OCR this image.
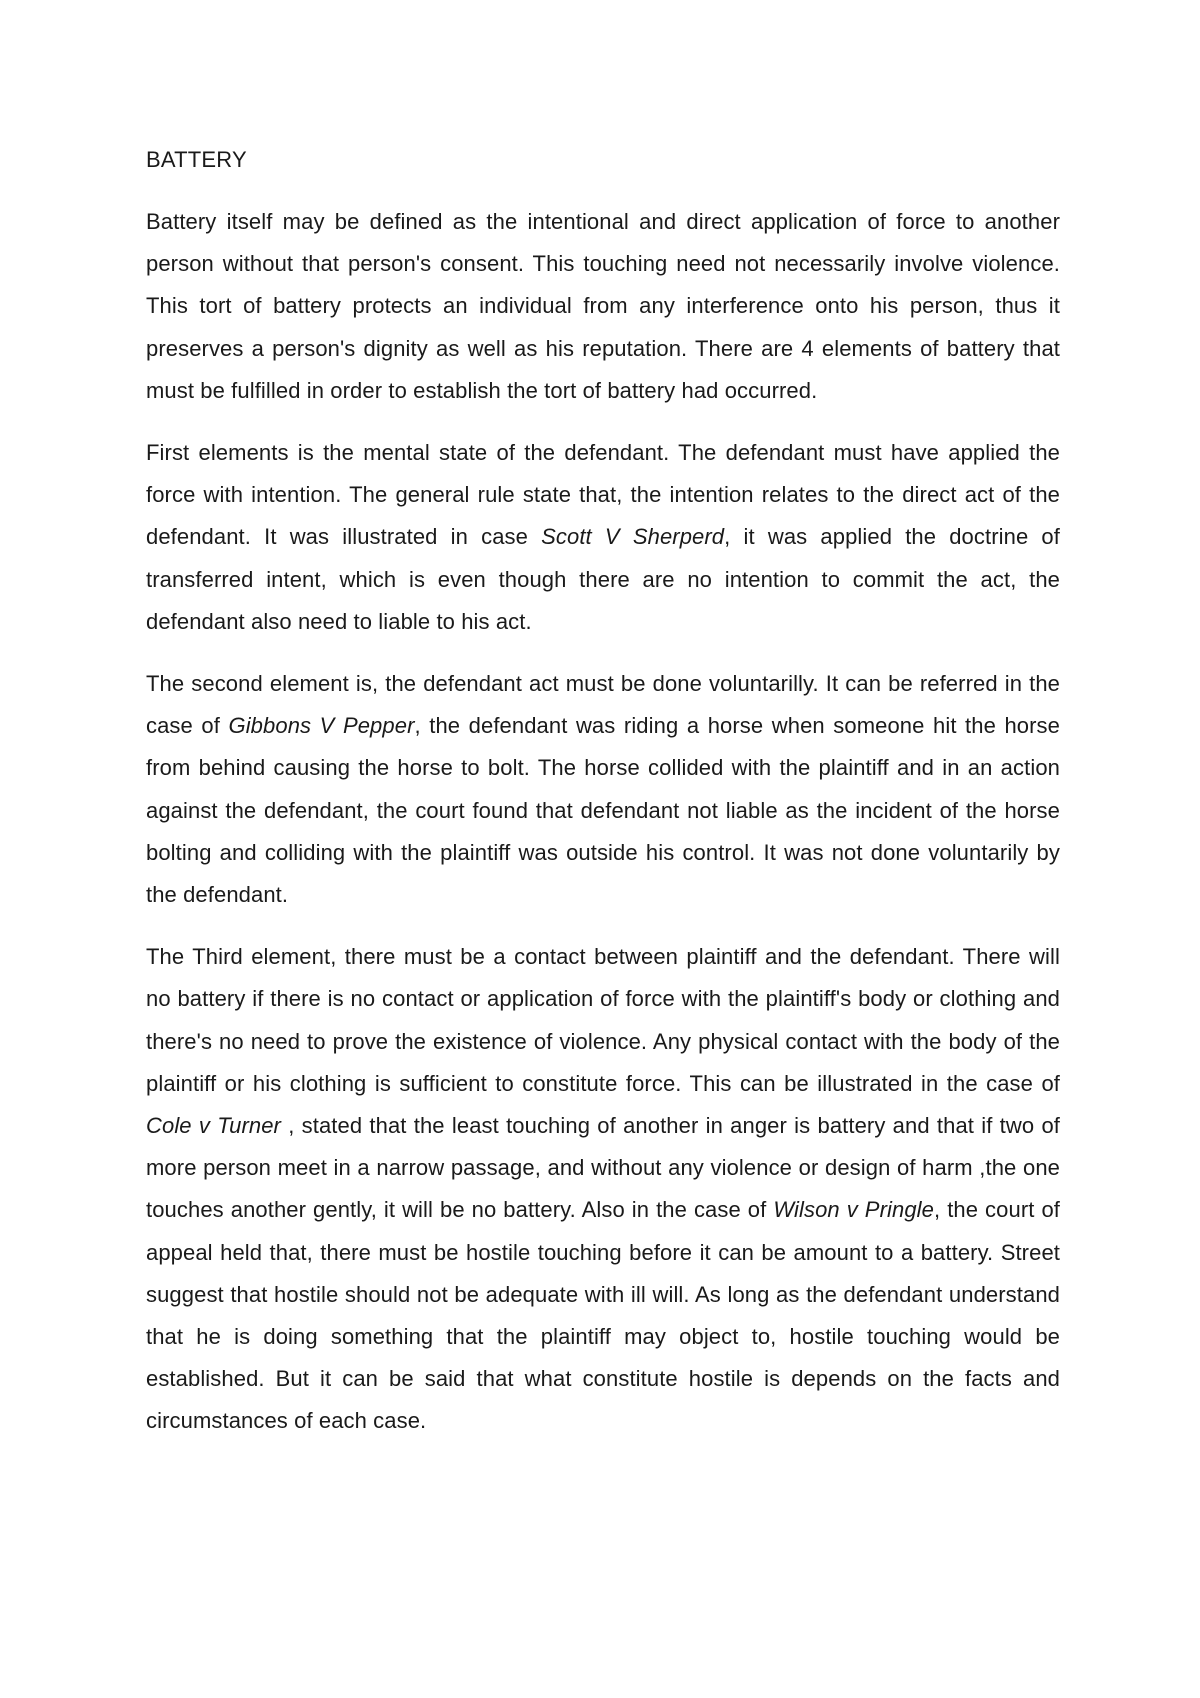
BATTERY

Battery itself may be defined as the intentional and direct application of force to another person without that person's consent. This touching need not necessarily involve violence. This tort of battery protects an individual from any interference onto his person, thus it preserves a person's dignity as well as his reputation. There are 4 elements of battery that must be fulfilled in order to establish the tort of battery had occurred.

First elements is the mental state of the defendant. The defendant must have applied the force with intention. The general rule state that, the intention relates to the direct act of the defendant. It was illustrated in case Scott V Sherperd, it was applied the doctrine of transferred intent, which is even though there are no intention to commit the act, the defendant also need to liable to his act.

The second element is, the defendant act must be done voluntarilly. It can be referred in the case of Gibbons V Pepper, the defendant was riding a horse when someone hit the horse from behind causing the horse to bolt. The horse collided with the plaintiff and in an action against the defendant, the court found that defendant not liable as the incident of the horse bolting and colliding with the plaintiff was outside his control. It was not done voluntarily by the defendant.

The Third element, there must be a contact between plaintiff and the defendant. There will no battery if there is no contact or application of force with the plaintiff's body or clothing and there's no need to prove the existence of violence. Any physical contact with the body of the plaintiff or his clothing is sufficient to constitute force. This can be illustrated in the case of Cole v Turner , stated that the least touching of another in anger is battery and that if two of more person meet in a narrow passage, and without any violence or design of harm ,the one touches another gently, it will be no battery. Also in the case of Wilson v Pringle, the court of appeal held that, there must be hostile touching before it can be amount to a battery. Street suggest that hostile should not be adequate with ill will. As long as the defendant understand that he is doing something that the plaintiff may object to, hostile touching would be established. But it can be said that what constitute hostile is depends on the facts and circumstances of each case.
